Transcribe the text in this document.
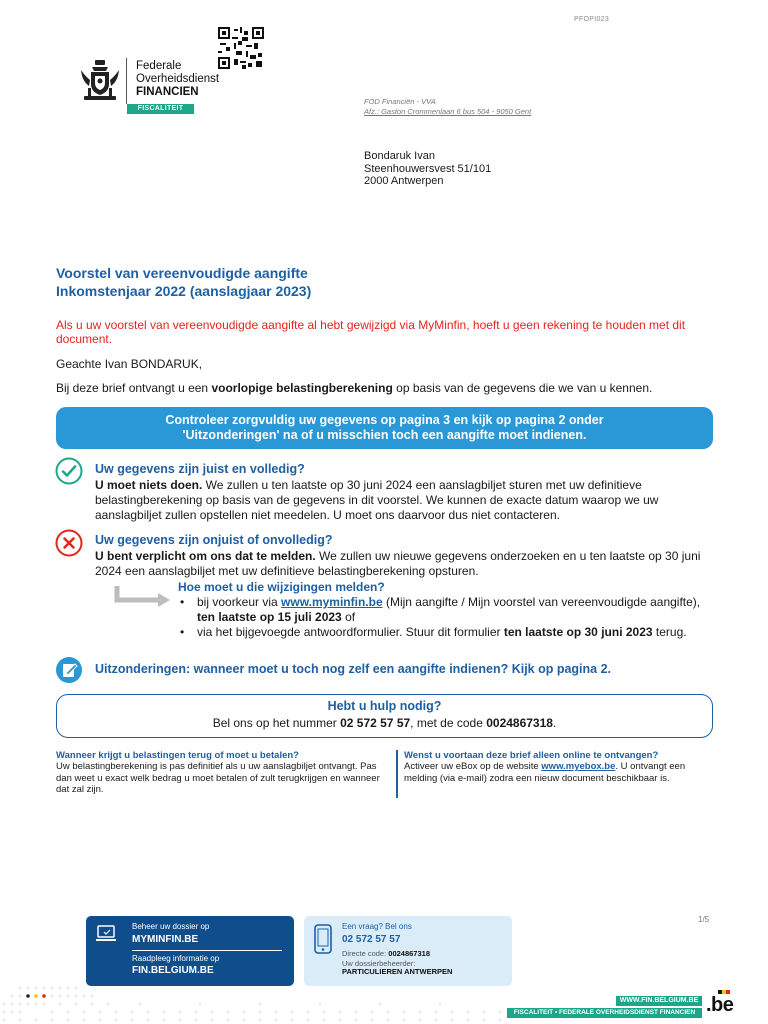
PFOPI023
Federale
Overheidsdienst
FINANCIEN
FISCALITEIT
FOD Financiën - VVA
Afz.: Gaston Crommenlaan 6 bus 504 - 9050 Gent
Bondaruk Ivan
Steenhouwersvest 51/101
2000 Antwerpen
Voorstel van vereenvoudigde aangifte
Inkomstenjaar 2022 (aanslagjaar 2023)
Als u uw voorstel van vereenvoudigde aangifte al hebt gewijzigd via MyMinfin, hoeft u geen rekening te houden met dit document.
Geachte Ivan BONDARUK,
Bij deze brief ontvangt u een voorlopige belastingberekening op basis van de gegevens die we van u kennen.
Controleer zorgvuldig uw gegevens op pagina 3 en kijk op pagina 2 onder
'Uitzonderingen' na of u misschien toch een aangifte moet indienen.
Uw gegevens zijn juist en volledig?
U moet niets doen. We zullen u ten laatste op 30 juni 2024 een aanslagbiljet sturen met uw definitieve belastingberekening op basis van de gegevens in dit voorstel. We kunnen de exacte datum waarop we uw aanslagbiljet zullen opstellen niet meedelen. U moet ons daarvoor dus niet contacteren.
Uw gegevens zijn onjuist of onvolledig?
U bent verplicht om ons dat te melden. We zullen uw nieuwe gegevens onderzoeken en u ten laatste op 30 juni 2024 een aanslagbiljet met uw definitieve belastingberekening opsturen.
Hoe moet u die wijzigingen melden?
• bij voorkeur via www.myminfin.be (Mijn aangifte / Mijn voorstel van vereenvoudigde aangifte), ten laatste op 15 juli 2023 of
• via het bijgevoegde antwoordformulier. Stuur dit formulier ten laatste op 30 juni 2023 terug.
Uitzonderingen: wanneer moet u toch nog zelf een aangifte indienen? Kijk op pagina 2.
Hebt u hulp nodig?
Bel ons op het nummer 02 572 57 57, met de code 0024867318.
Wanneer krijgt u belastingen terug of moet u betalen?
Uw belastingberekening is pas definitief als u uw aanslagbiljet ontvangt. Pas dan weet u exact welk bedrag u moet betalen of zult terugkrijgen en wanneer dat zal zijn.
Wenst u voortaan deze brief alleen online te ontvangen?
Activeer uw eBox op de website www.myebox.be. U ontvangt een melding (via e-mail) zodra een nieuw document beschikbaar is.
1/5
Beheer uw dossier op
MYMINFIN.BE
Raadpleeg informatie op
FIN.BELGIUM.BE
Een vraag? Bel ons
02 572 57 57
Directe code: 0024867318
Uw dossierbeheerder:
PARTICULIEREN ANTWERPEN
WWW.FIN.BELGIUM.BE
FISCALITEIT • FEDERALE OVERHEIDSDIENST FINANCIEN .be
